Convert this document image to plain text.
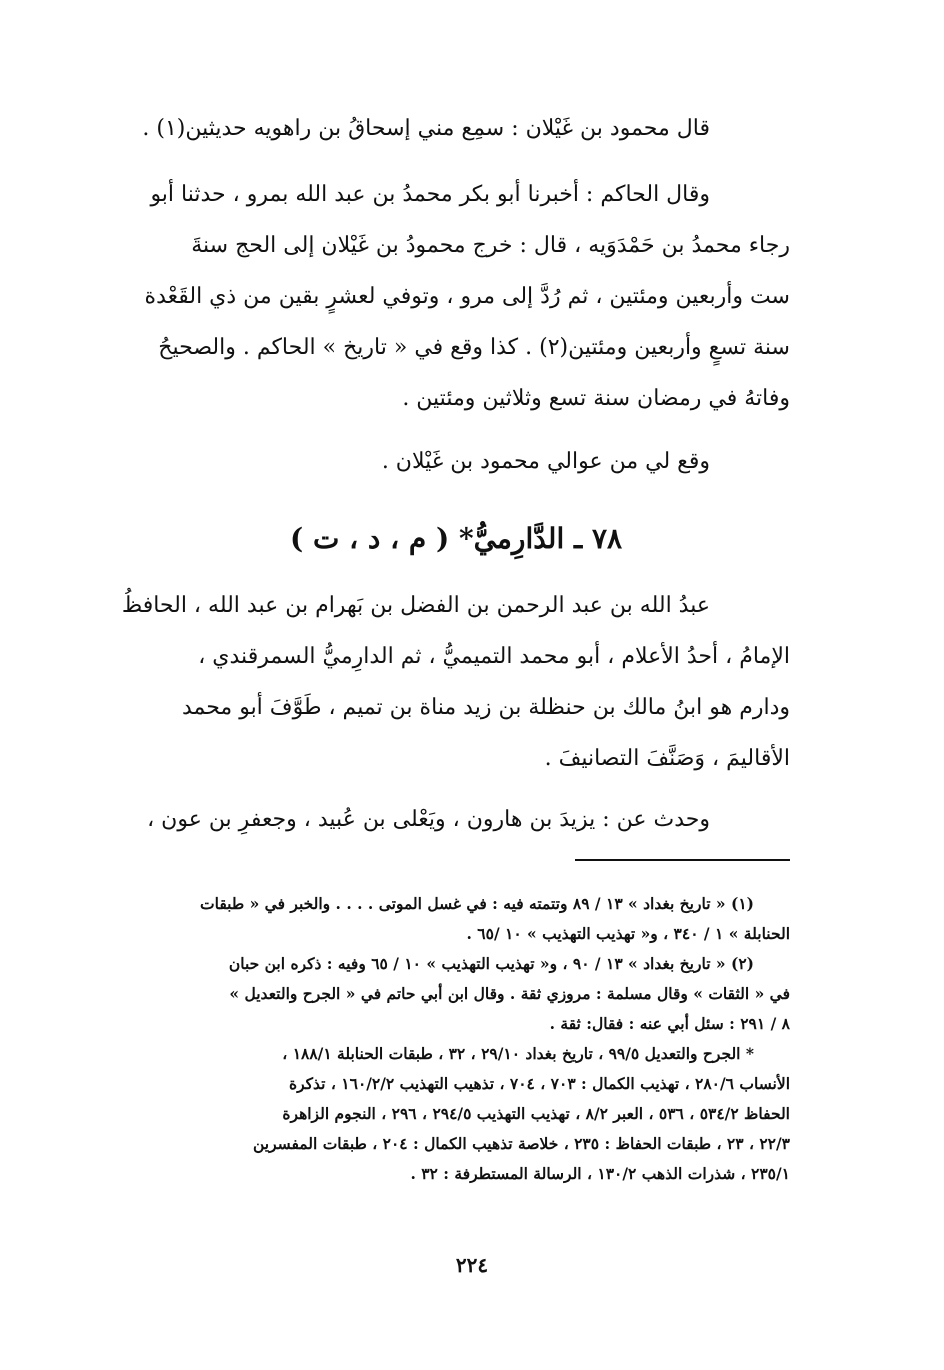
قال محمود بن غَيْلان : سمِع مني إسحاقُ بن راهويه حديثين(١) .
وقال الحاكم : أخبرنا أبو بكر محمدُ بن عبد الله بمرو ، حدثنا أبو
رجاء محمدُ بن حَمْدَوَيه ، قال : خرج محمودُ بن غَيْلان إلى الحج سنةَ
ست وأربعين ومئتين ، ثم رُدَّ إلى مرو ، وتوفي لعشرٍ بقين من ذي القَعْدة
سنة تسعٍ وأربعين ومئتين(٢) . كذا وقع في « تاريخ » الحاكم . والصحيحُ
وفاتهُ في رمضان سنة تسع وثلاثين ومئتين .
وقع لي من عوالي محمود بن غَيْلان .
٧٨ ـ الدَّارِميُّ* ( م ، د ، ت )
عبدُ الله بن عبد الرحمن بن الفضل بن بَهرام بن عبد الله ، الحافظُ
الإمامُ ، أحدُ الأعلام ، أبو محمد التميميُّ ، ثم الدارِميُّ السمرقندي ،
ودارم هو ابنُ مالك بن حنظلة بن زيد مناة بن تميم ، طَوَّفَ أبو محمد
الأقاليمَ ، وَصَنَّفَ التصانيفَ .
وحدث عن : يزيدَ بن هارون ، ويَعْلى بن عُبيد ، وجعفرِ بن عون ،
(١) « تاريخ بغداد » ١٣ / ٨٩ وتتمته فيه : في غسل الموتى . . . . والخبر في « طبقات
الحنابلة » ١ / ٣٤٠ ، و« تهذيب التهذيب » ١٠ /٦٥ .
(٢) « تاريخ بغداد » ١٣ / ٩٠ ، و« تهذيب التهذيب » ١٠ / ٦٥ وفيه : ذكره ابن حبان
في « الثقات » وقال مسلمة : مروزي ثقة . وقال ابن أبي حاتم في « الجرح والتعديل »
٨ / ٢٩١ : سئل أبي عنه : فقال: ثقة .
* الجرح والتعديل ٩٩/٥ ، تاريخ بغداد ٢٩/١٠ ، ٣٢ ، طبقات الحنابلة ١٨٨/١ ،
الأنساب ٢٨٠/٦ ، تهذيب الكمال : ٧٠٣ ، ٧٠٤ ، تذهيب التهذيب ١٦٠/٢/٢ ، تذكرة
الحفاظ ٥٣٤/٢ ، ٥٣٦ ، العبر ٨/٢ ، تهذيب التهذيب ٢٩٤/٥ ، ٢٩٦ ، النجوم الزاهرة
٢٢/٣ ، ٢٣ ، طبقات الحفاظ : ٢٣٥ ، خلاصة تذهيب الكمال : ٢٠٤ ، طبقات المفسرين
٢٣٥/١ ، شذرات الذهب ١٣٠/٢ ، الرسالة المستطرفة : ٣٢ .
٢٢٤
